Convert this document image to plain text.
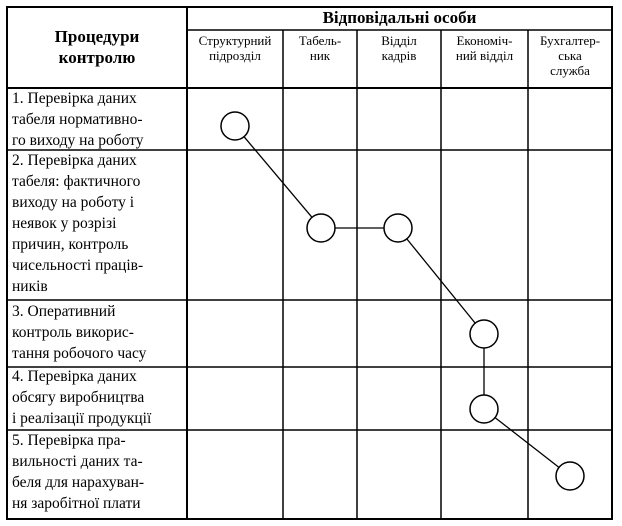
Процедури
контролю
Відповідальні особи
Структурний
підрозділ
Табель-
ник
Відділ
кадрів
Економіч-
ний відділ
Бухгалтер-
ська
служба
1. Перевірка даних
табеля нормативно-
го виходу на роботу
2. Перевірка даних
табеля: фактичного
виходу на роботу і
неявок у розрізі
причин, контроль
чисельності праців-
ників
3. Оперативний
контроль викорис-
тання робочого часу
4. Перевірка даних
обсягу виробництва
і реалізації продукції
5. Перевірка пра-
вильності даних та-
беля для нарахуван-
ня заробітної плати
